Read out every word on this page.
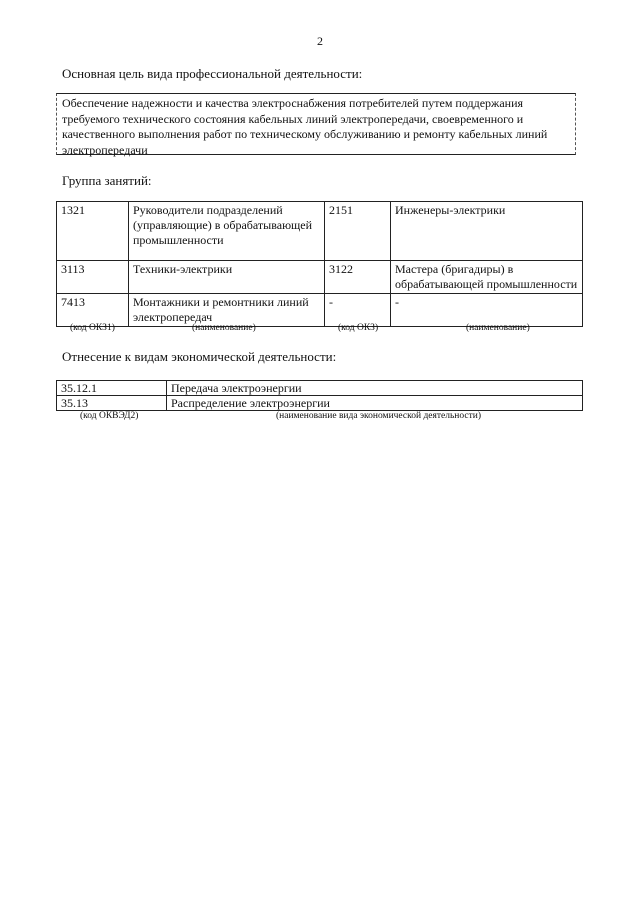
2
Основная цель вида профессиональной деятельности:
Обеспечение надежности и качества электроснабжения потребителей путем поддержания требуемого технического состояния кабельных линий электропередачи, своевременного и качественного выполнения работ по техническому обслуживанию и ремонту кабельных линий электропередачи
Группа занятий:
1321	Руководители подразделений (управляющие) в обрабатывающей промышленности	2151	Инженеры-электрики
3113	Техники-электрики	3122	Мастера (бригадиры) в обрабатывающей промышленности
7413	Монтажники и ремонтники линий электропередач	-	-
(код ОКЗ1)	(наименование)	(код ОКЗ)	(наименование)
Отнесение к видам экономической деятельности:
35.12.1	Передача электроэнергии
35.13	Распределение электроэнергии
(код ОКВЭД2)	(наименование вида экономической деятельности)
